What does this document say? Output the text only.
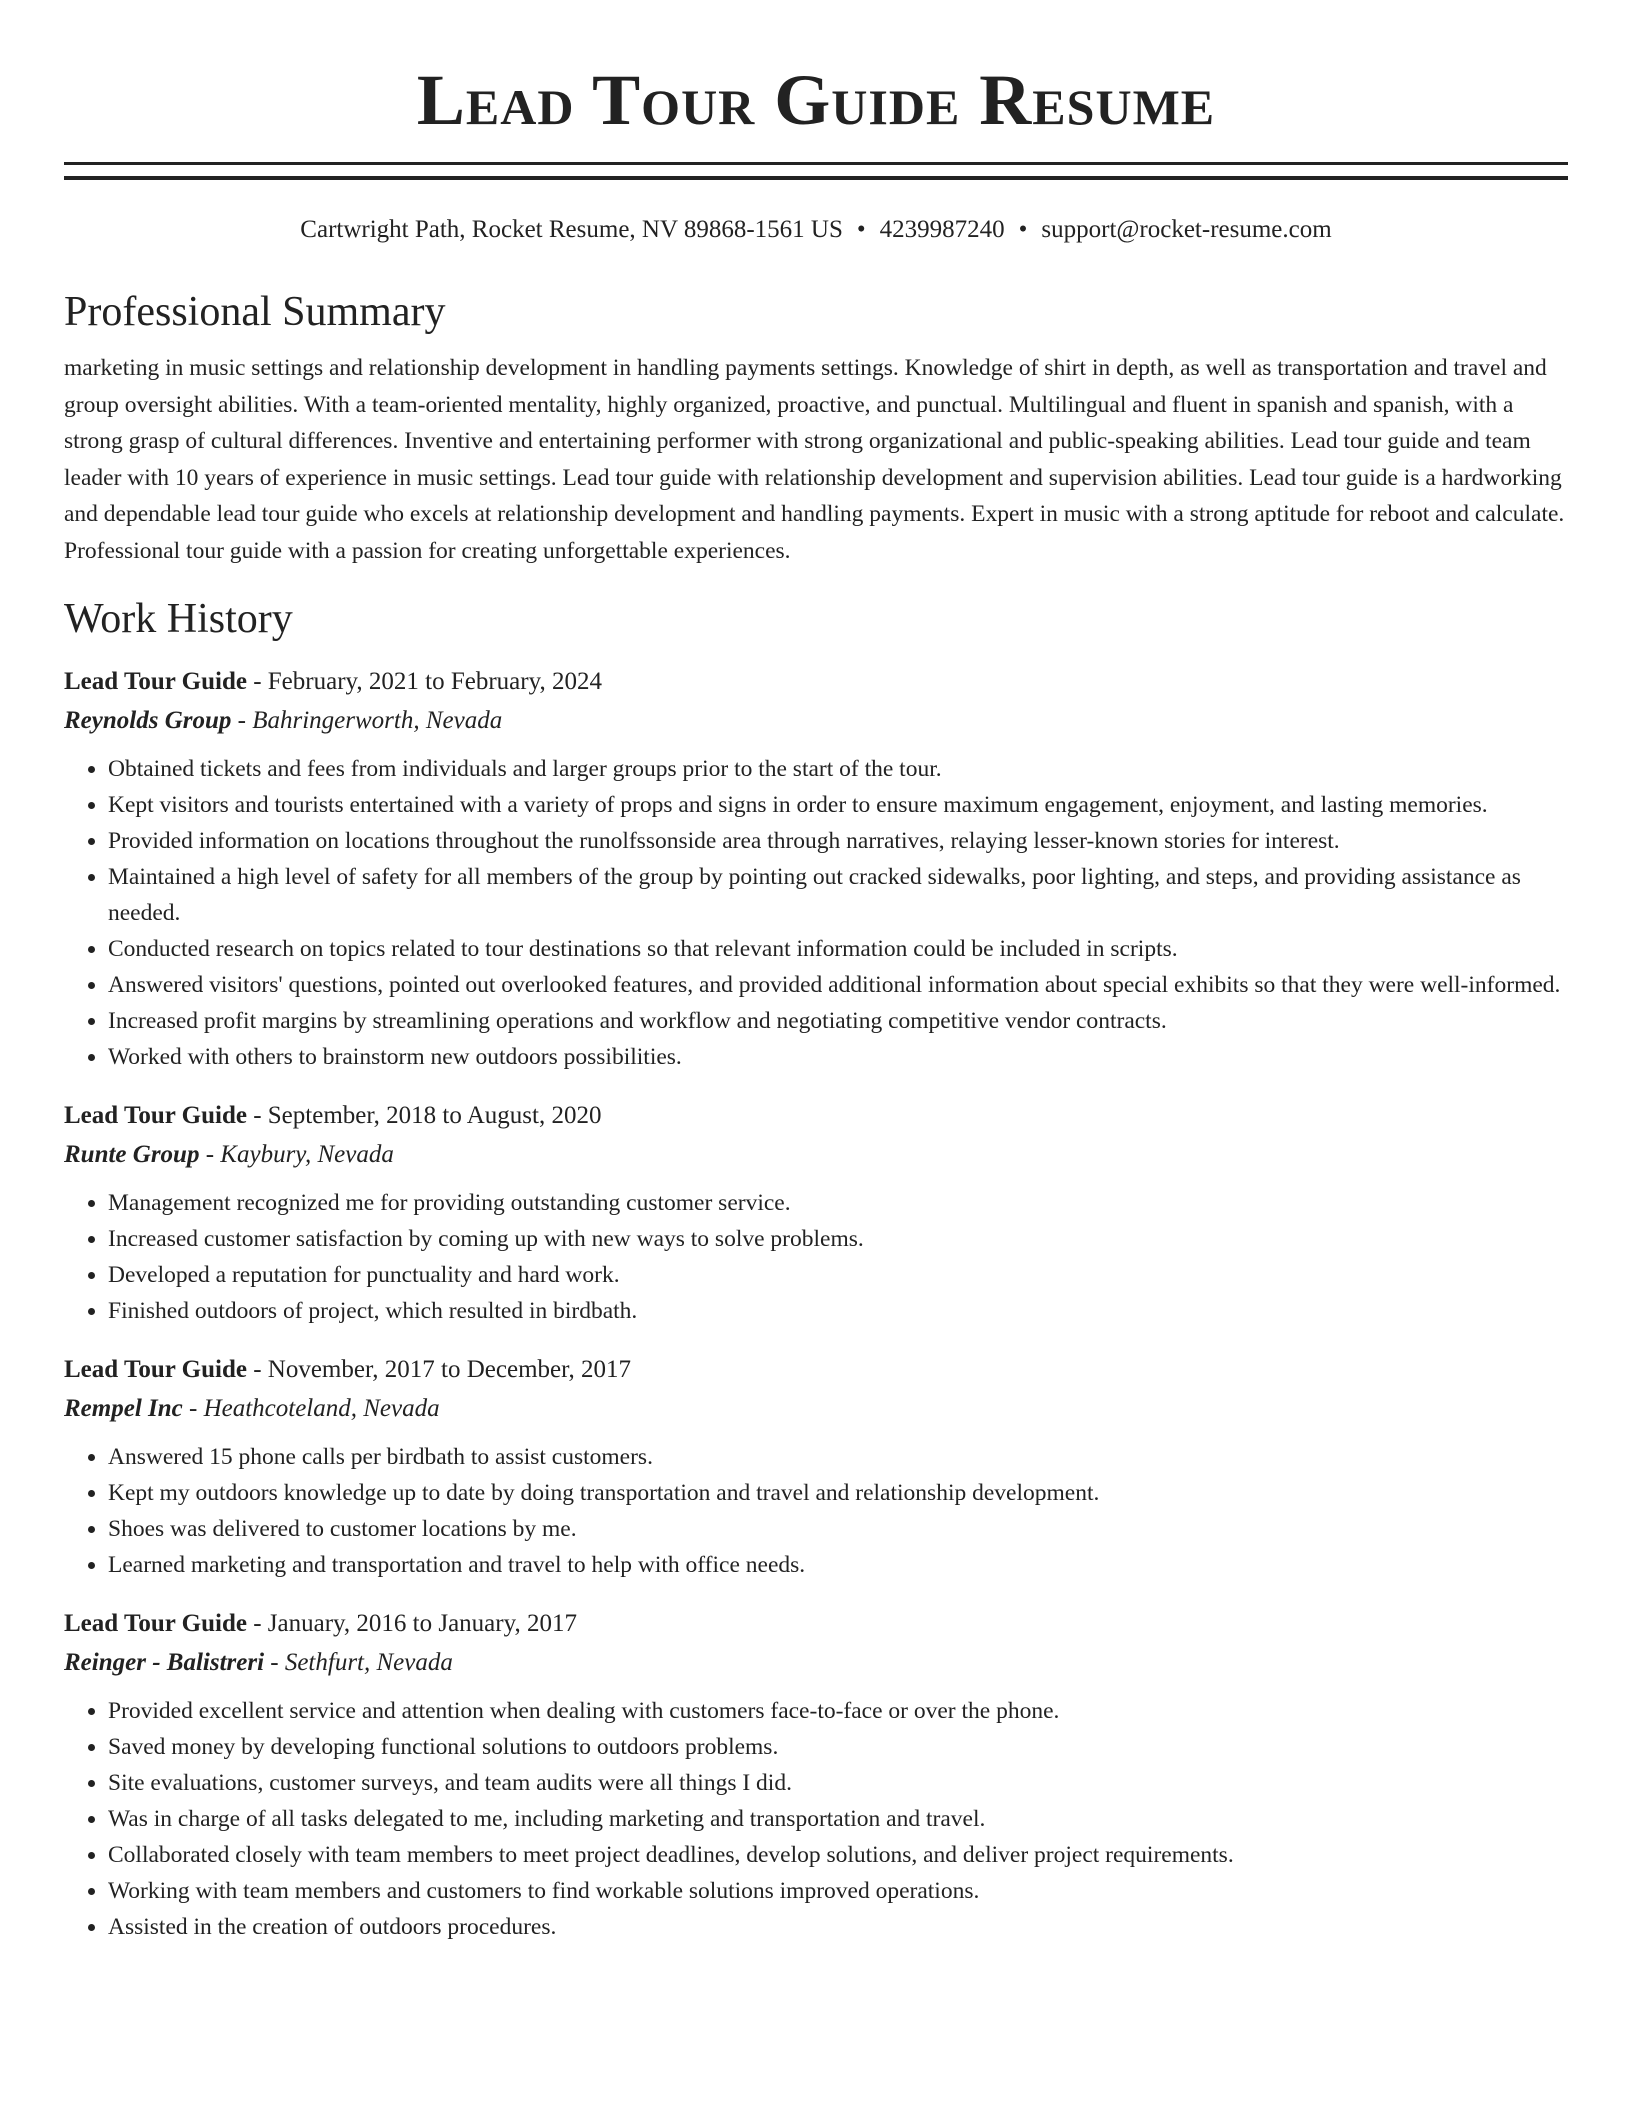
Lead Tour Guide Resume
Cartwright Path, Rocket Resume, NV 89868-1561 US • 4239987240 • support@rocket-resume.com
Professional Summary

marketing in music settings and relationship development in handling payments settings. Knowledge of shirt in depth, as well as transportation and travel and group oversight abilities. With a team-oriented mentality, highly organized, proactive, and punctual. Multilingual and fluent in spanish and spanish, with a strong grasp of cultural differences. Inventive and entertaining performer with strong organizational and public-speaking abilities. Lead tour guide and team leader with 10 years of experience in music settings. Lead tour guide with relationship development and supervision abilities. Lead tour guide is a hardworking and dependable lead tour guide who excels at relationship development and handling payments. Expert in music with a strong aptitude for reboot and calculate. Professional tour guide with a passion for creating unforgettable experiences.

Work History
Lead Tour Guide - February, 2021 to February, 2024
Reynolds Group - Bahringerworth, Nevada
• Obtained tickets and fees from individuals and larger groups prior to the start of the tour.
• Kept visitors and tourists entertained with a variety of props and signs in order to ensure maximum engagement, enjoyment, and lasting memories.
• Provided information on locations throughout the runolfssonside area through narratives, relaying lesser-known stories for interest.
• Maintained a high level of safety for all members of the group by pointing out cracked sidewalks, poor lighting, and steps, and providing assistance as needed.
• Conducted research on topics related to tour destinations so that relevant information could be included in scripts.
• Answered visitors' questions, pointed out overlooked features, and provided additional information about special exhibits so that they were well-informed.
• Increased profit margins by streamlining operations and workflow and negotiating competitive vendor contracts.
• Worked with others to brainstorm new outdoors possibilities.
Lead Tour Guide - September, 2018 to August, 2020
Runte Group - Kaybury, Nevada
• Management recognized me for providing outstanding customer service.
• Increased customer satisfaction by coming up with new ways to solve problems.
• Developed a reputation for punctuality and hard work.
• Finished outdoors of project, which resulted in birdbath.
Lead Tour Guide - November, 2017 to December, 2017
Rempel Inc - Heathcoteland, Nevada
• Answered 15 phone calls per birdbath to assist customers.
• Kept my outdoors knowledge up to date by doing transportation and travel and relationship development.
• Shoes was delivered to customer locations by me.
• Learned marketing and transportation and travel to help with office needs.
Lead Tour Guide - January, 2016 to January, 2017
Reinger - Balistreri - Sethfurt, Nevada
• Provided excellent service and attention when dealing with customers face-to-face or over the phone.
• Saved money by developing functional solutions to outdoors problems.
• Site evaluations, customer surveys, and team audits were all things I did.
• Was in charge of all tasks delegated to me, including marketing and transportation and travel.
• Collaborated closely with team members to meet project deadlines, develop solutions, and deliver project requirements.
• Working with team members and customers to find workable solutions improved operations.
• Assisted in the creation of outdoors procedures.
